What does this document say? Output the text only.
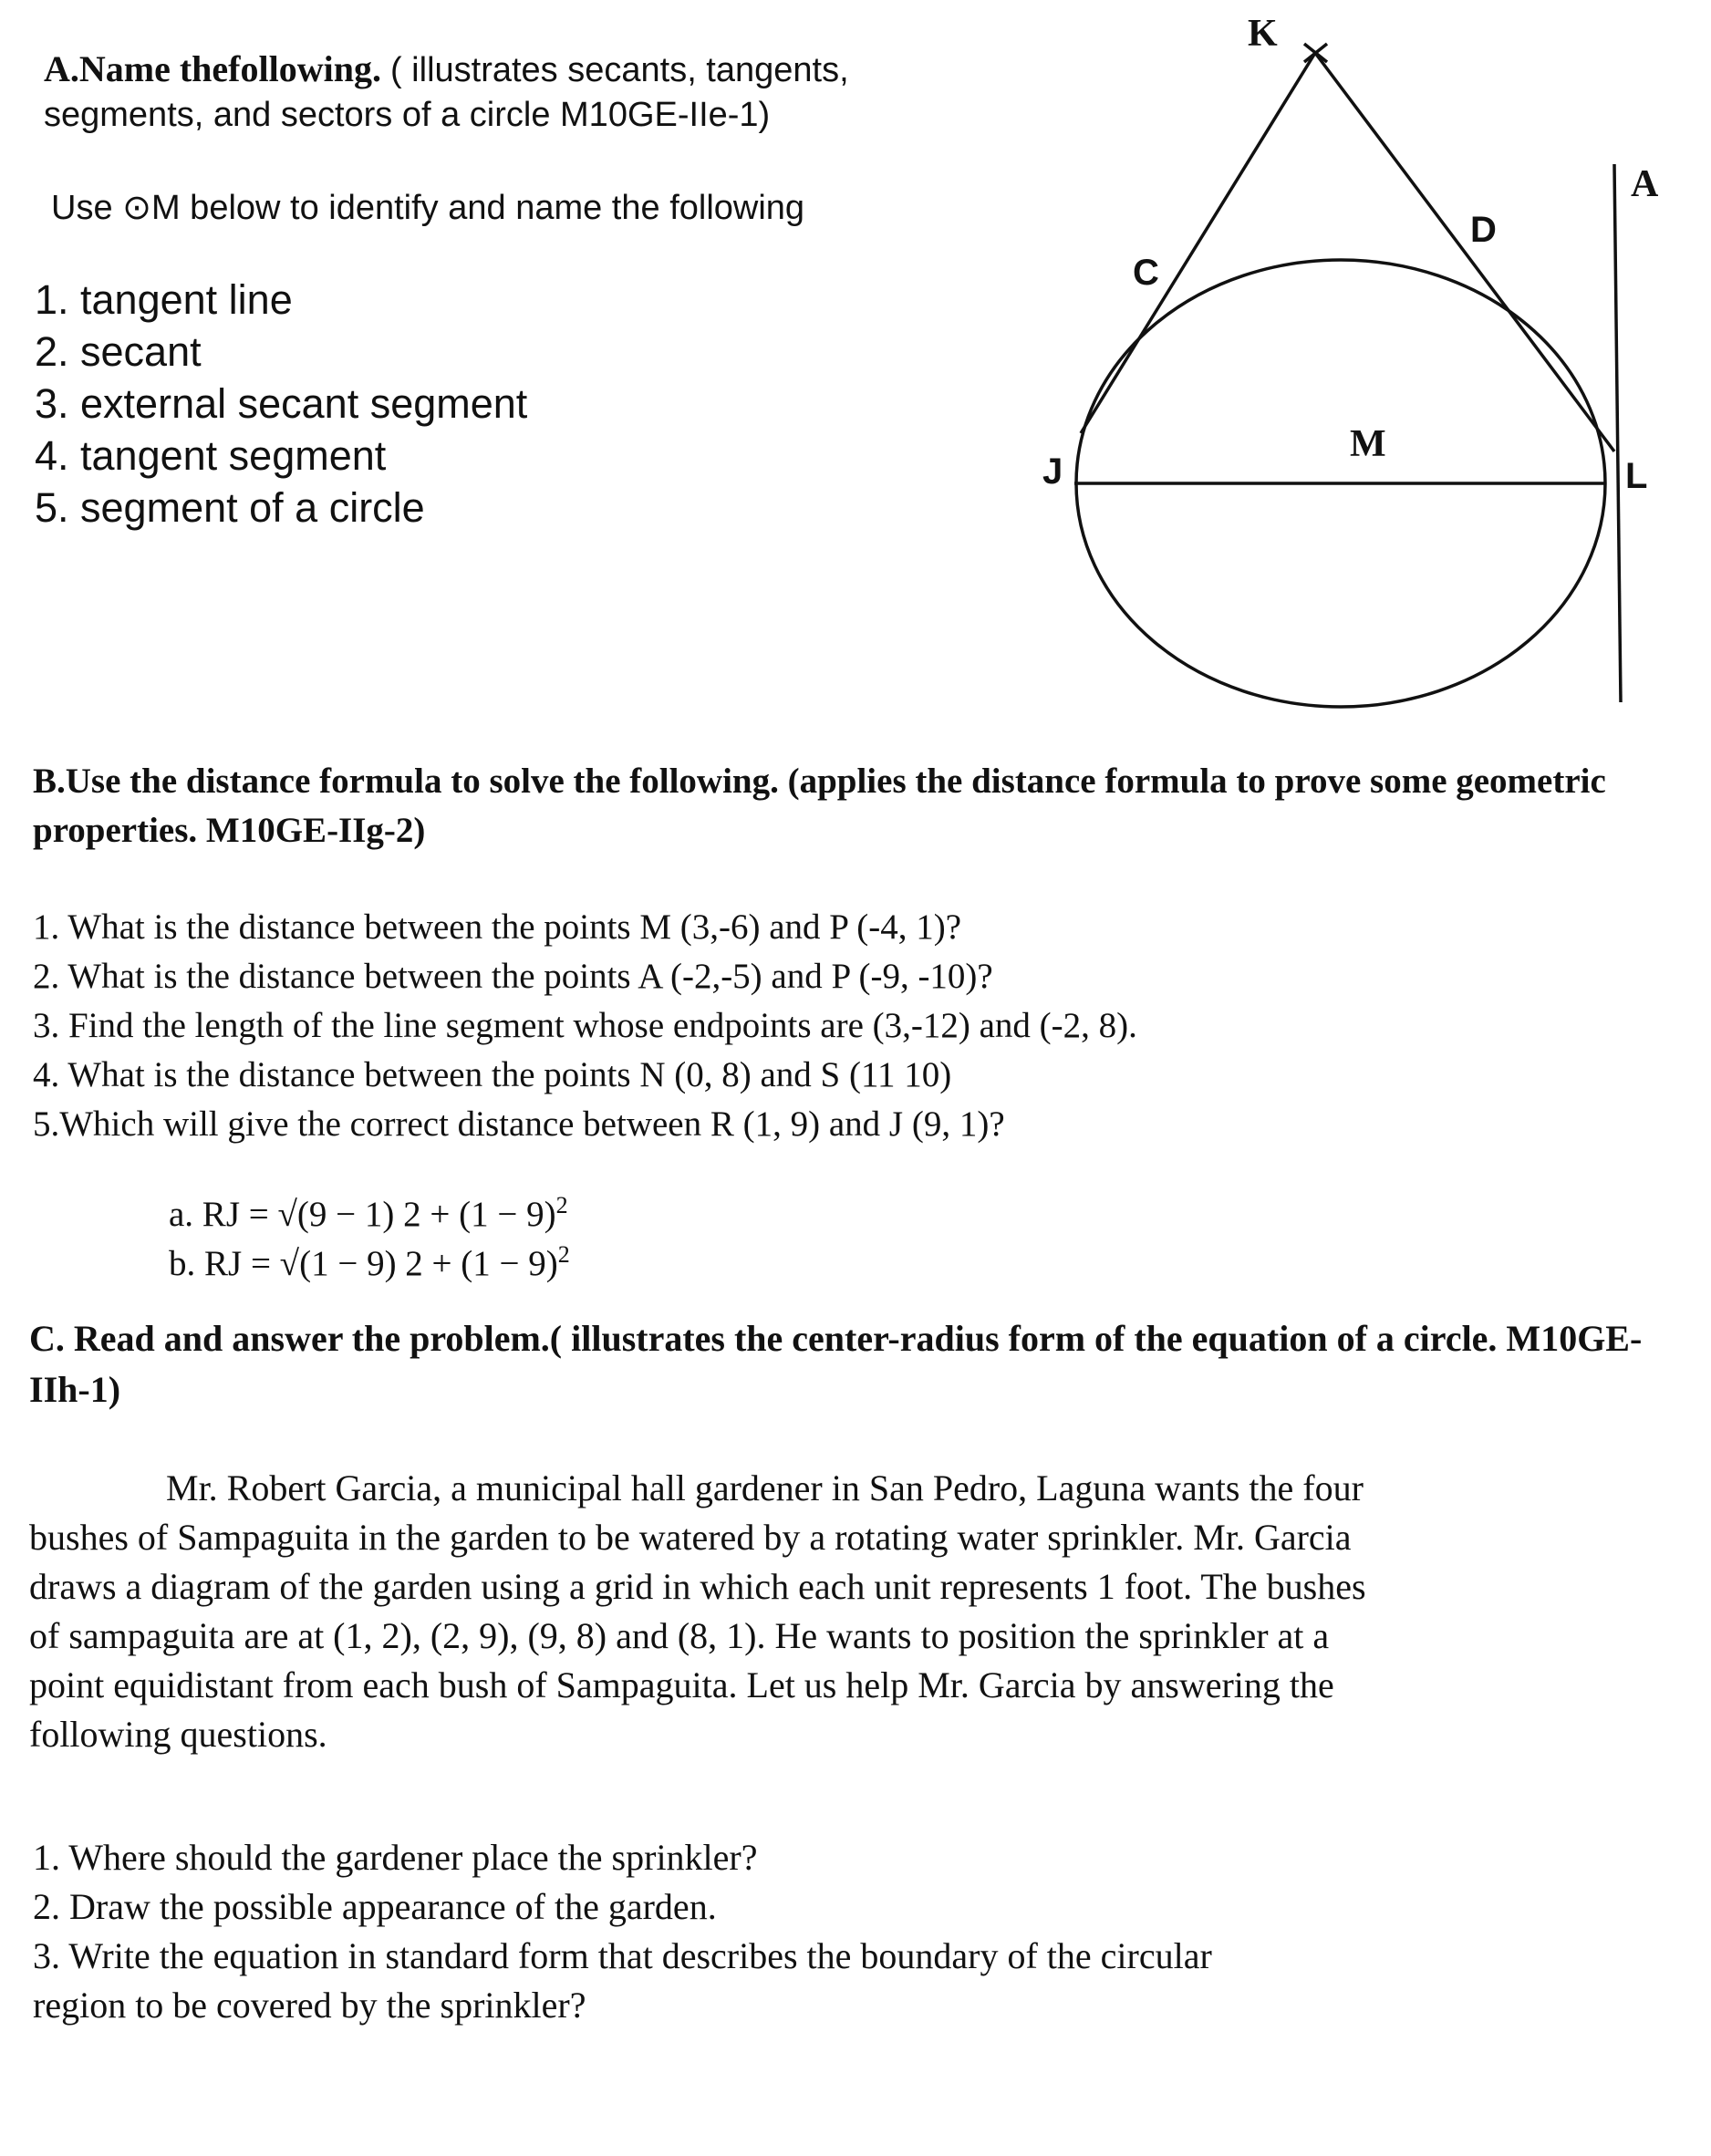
A.Name thefollowing. ( illustrates secants, tangents,
segments, and sectors of a circle M10GE-IIe-1)
Use ⊙M below to identify and name the following
1. tangent line
2. secant
3. external secant segment
4. tangent segment
5. segment of a circle
K
A
M
D
C
J	L
B.Use the distance formula to solve the following. (applies the distance formula to prove some geometric properties. M10GE-IIg-2)
1. What is the distance between the points M (3,-6) and P (-4, 1)?
2. What is the distance between the points A (-2,-5) and P (-9, -10)?
3. Find the length of the line segment whose endpoints are (3,-12) and (-2, 8).
4. What is the distance between the points N (0, 8) and S (11 10)
5.Which will give the correct distance between R (1, 9) and J (9, 1)?
a. RJ = √(9 − 1) $2 + (1 - 9)^2$
b. RJ = √(1 − 9) $2 + (1 - 9)^2$
C. Read and answer the problem.( illustrates the center-radius form of the equation of a circle. M10GE-IIh-1)
Mr. Robert Garcia, a municipal hall gardener in San Pedro, Laguna wants the four bushes of Sampaguita in the garden to be watered by a rotating water sprinkler. Mr. Garcia draws a diagram of the garden using a grid in which each unit represents 1 foot. The bushes of sampaguita are at (1, 2), (2, 9), (9, 8) and (8, 1). He wants to position the sprinkler at a point equidistant from each bush of Sampaguita. Let us help Mr. Garcia by answering the following questions.
1. Where should the gardener place the sprinkler?
2. Draw the possible appearance of the garden.
3. Write the equation in standard form that describes the boundary of the circular region to be covered by the sprinkler?
